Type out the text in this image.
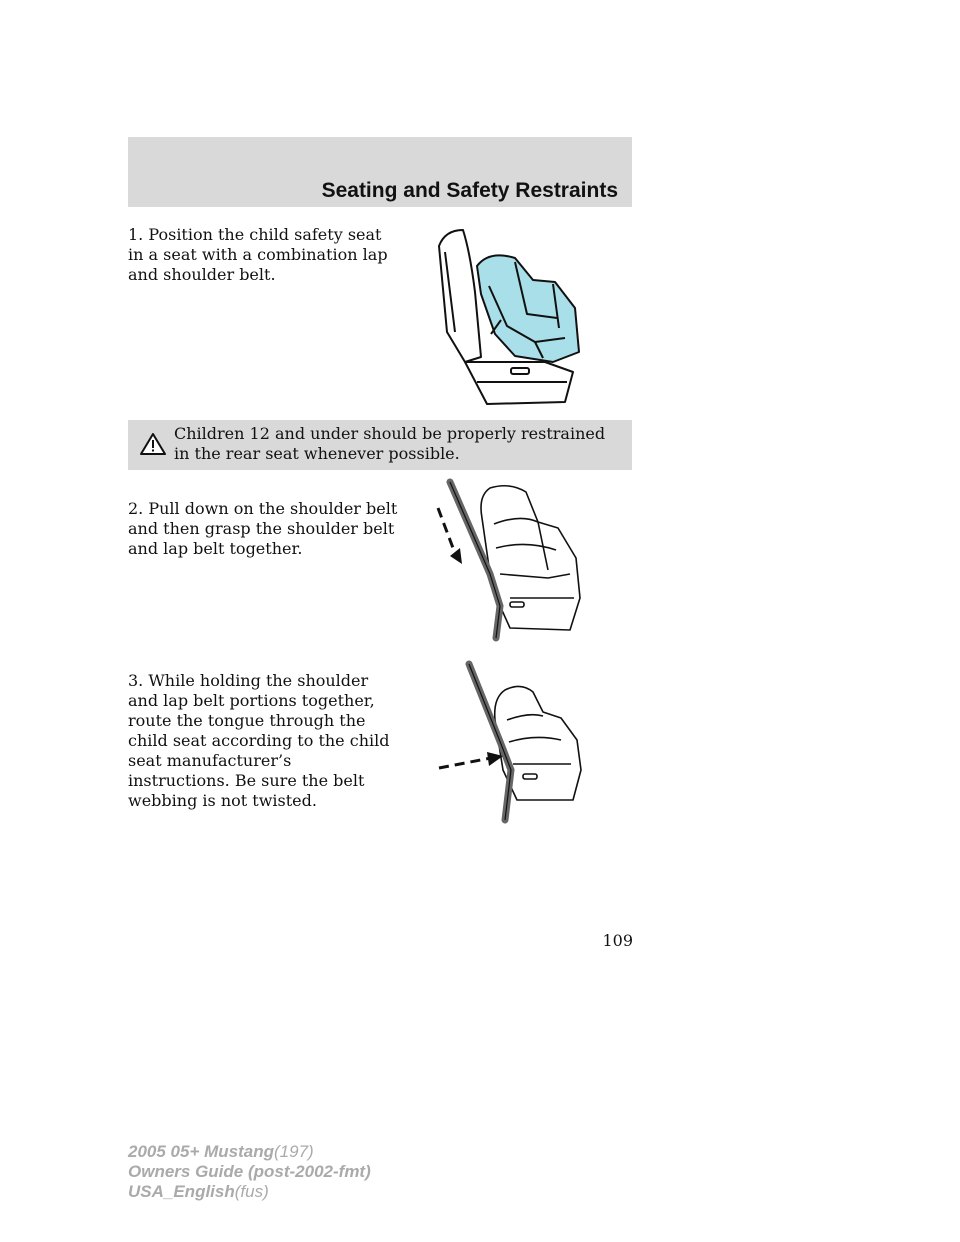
Seating and Safety Restraints

1. Position the child safety seat in a seat with a combination lap and shoulder belt.

Children 12 and under should be properly restrained in the rear seat whenever possible.

2. Pull down on the shoulder belt and then grasp the shoulder belt and lap belt together.

3. While holding the shoulder and lap belt portions together, route the tongue through the child seat according to the child seat manufacturer’s instructions. Be sure the belt webbing is not twisted.

109
2005 05+ Mustang(197)
Owners Guide (post-2002-fmt)
USA_English(fus)
